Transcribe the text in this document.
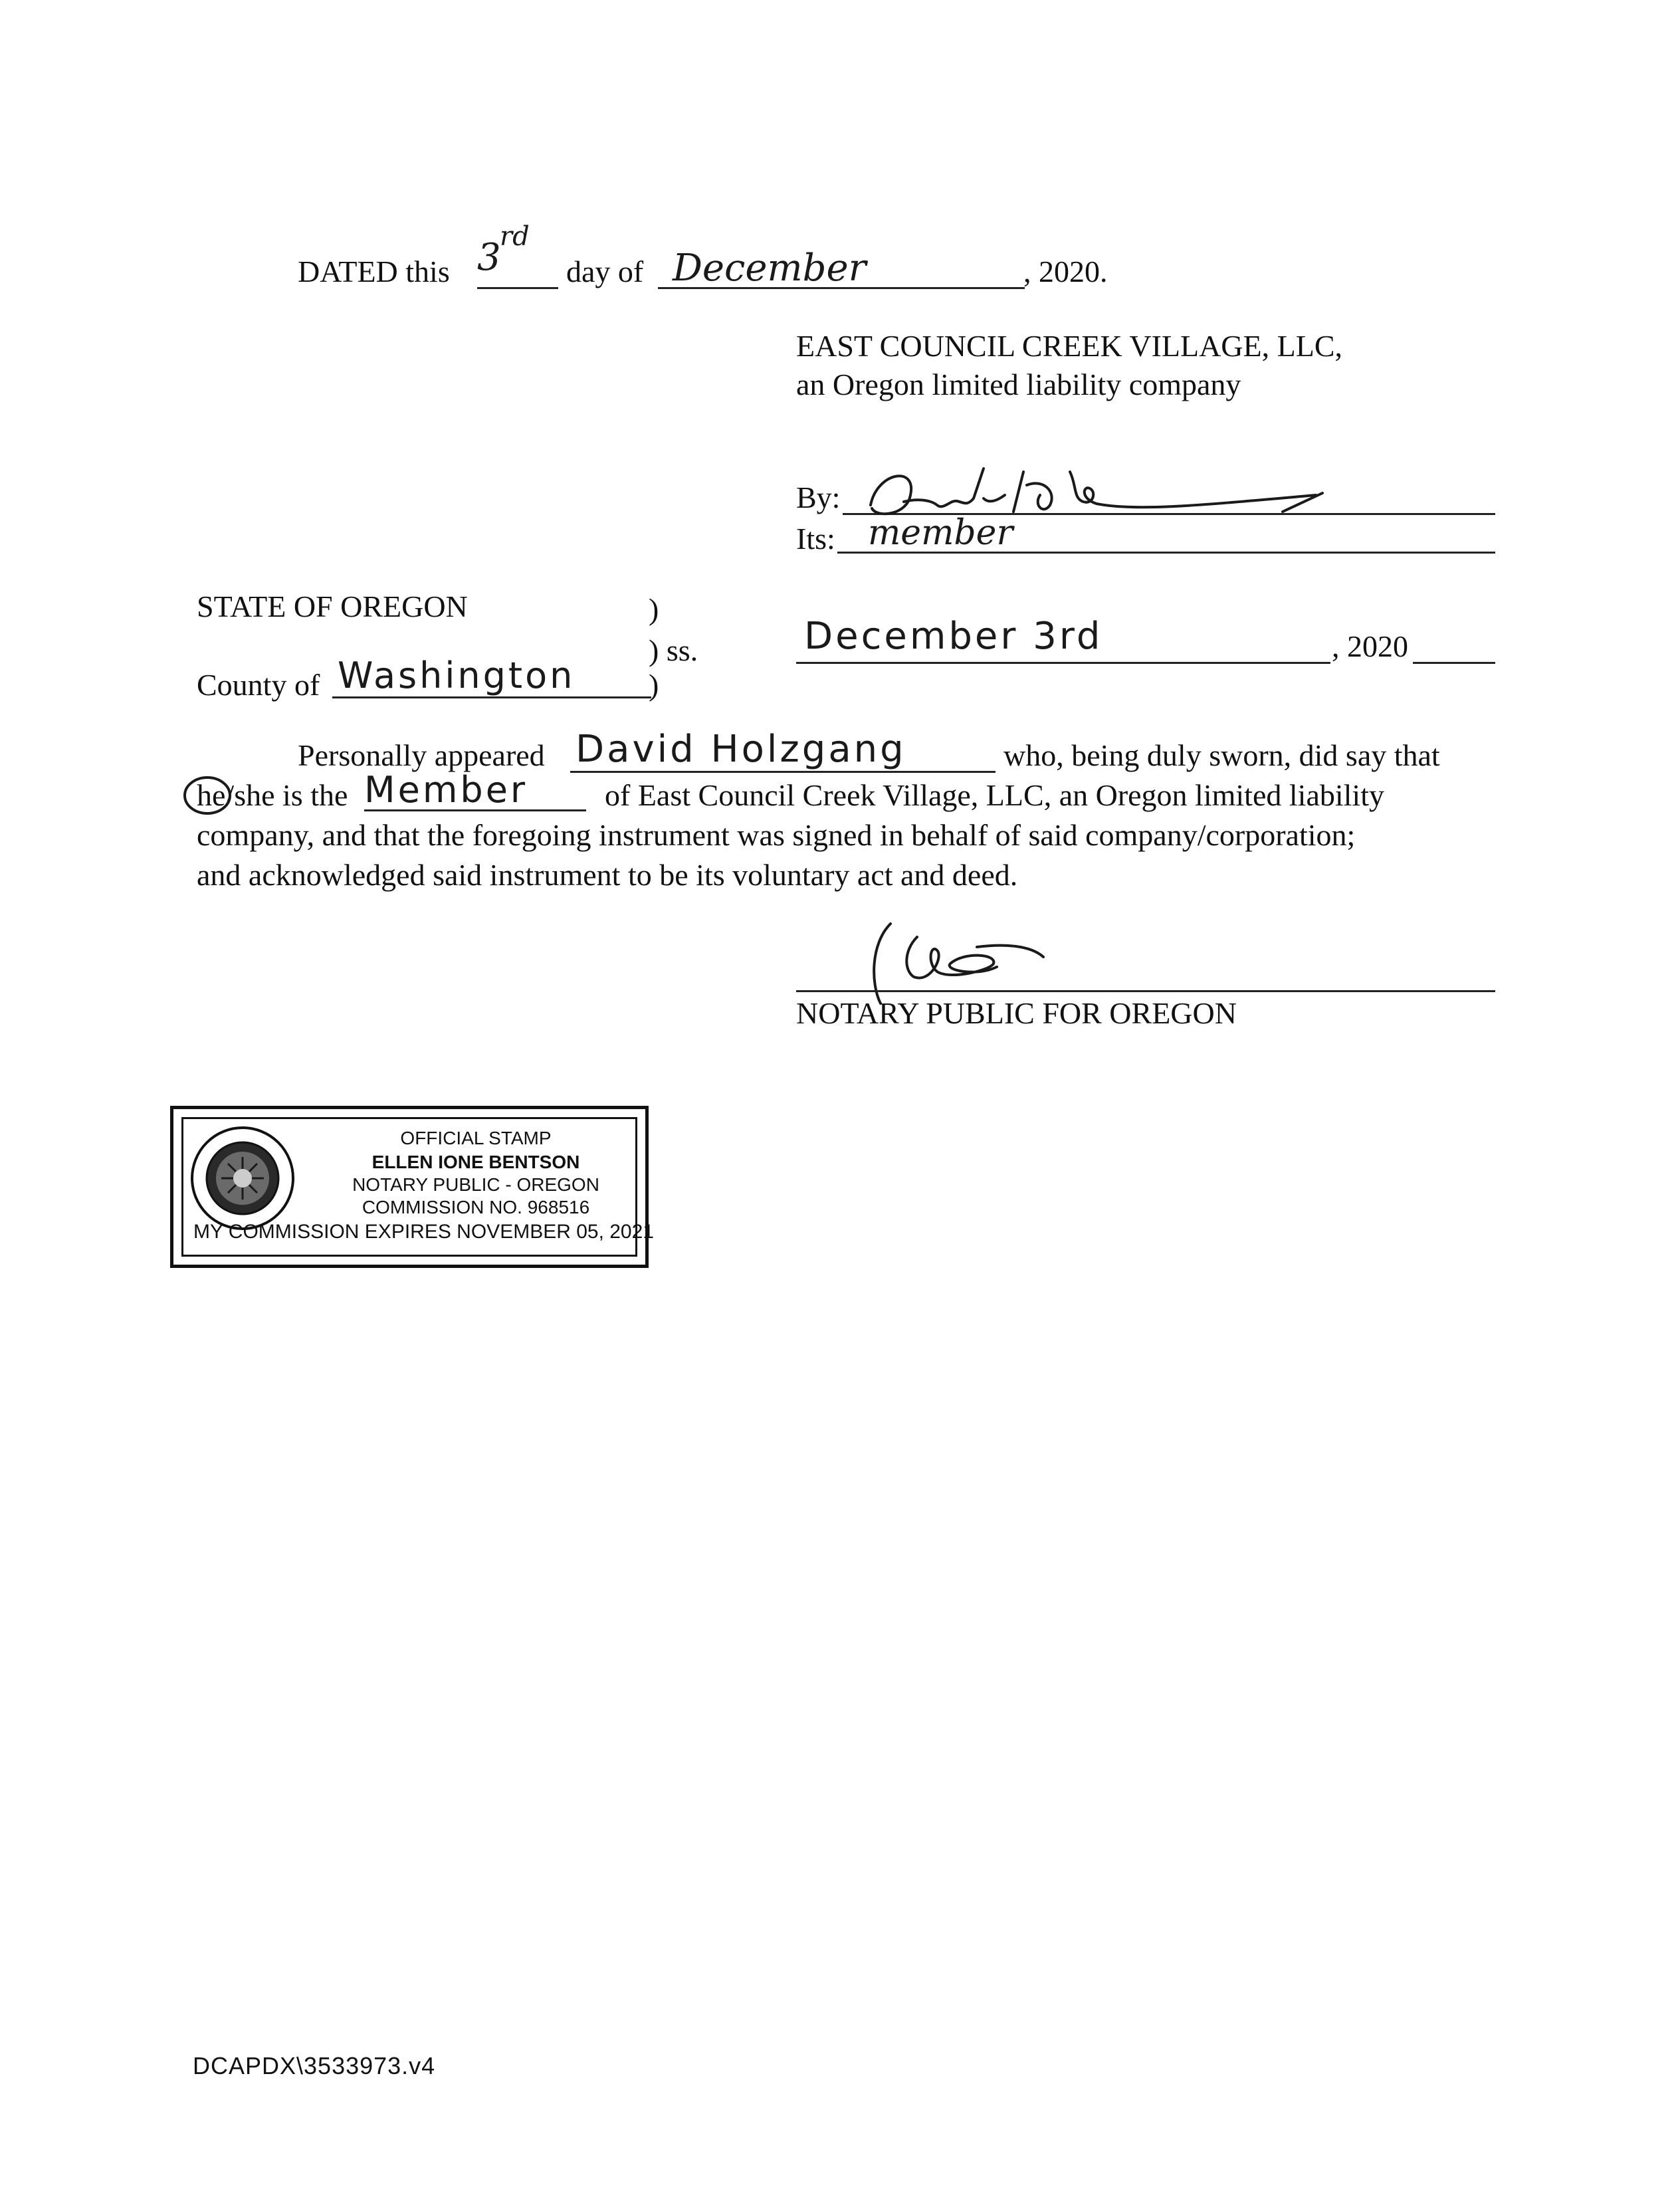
DATED this 3
rd
day of December	, 2020.
EAST COUNCIL CREEK VILLAGE, LLC,
an Oregon limited liability company
By:
Its: member
STATE OF OREGON	)
) ss.
)
County of Washington
December 3rd	, 2020
Personally appeared David Holzgang	who, being duly sworn, did say that
he/she is the Member	of East Council Creek Village, LLC, an Oregon limited liability
company, and that the foregoing instrument was signed in behalf of said company/corporation;
and acknowledged said instrument to be its voluntary act and deed.
NOTARY PUBLIC FOR OREGON
OFFICIAL STAMP
ELLEN IONE BENTSON
NOTARY PUBLIC - OREGON
COMMISSION NO. 968516
MY COMMISSION EXPIRES NOVEMBER 05, 2021
DCAPDX\3533973.v4
